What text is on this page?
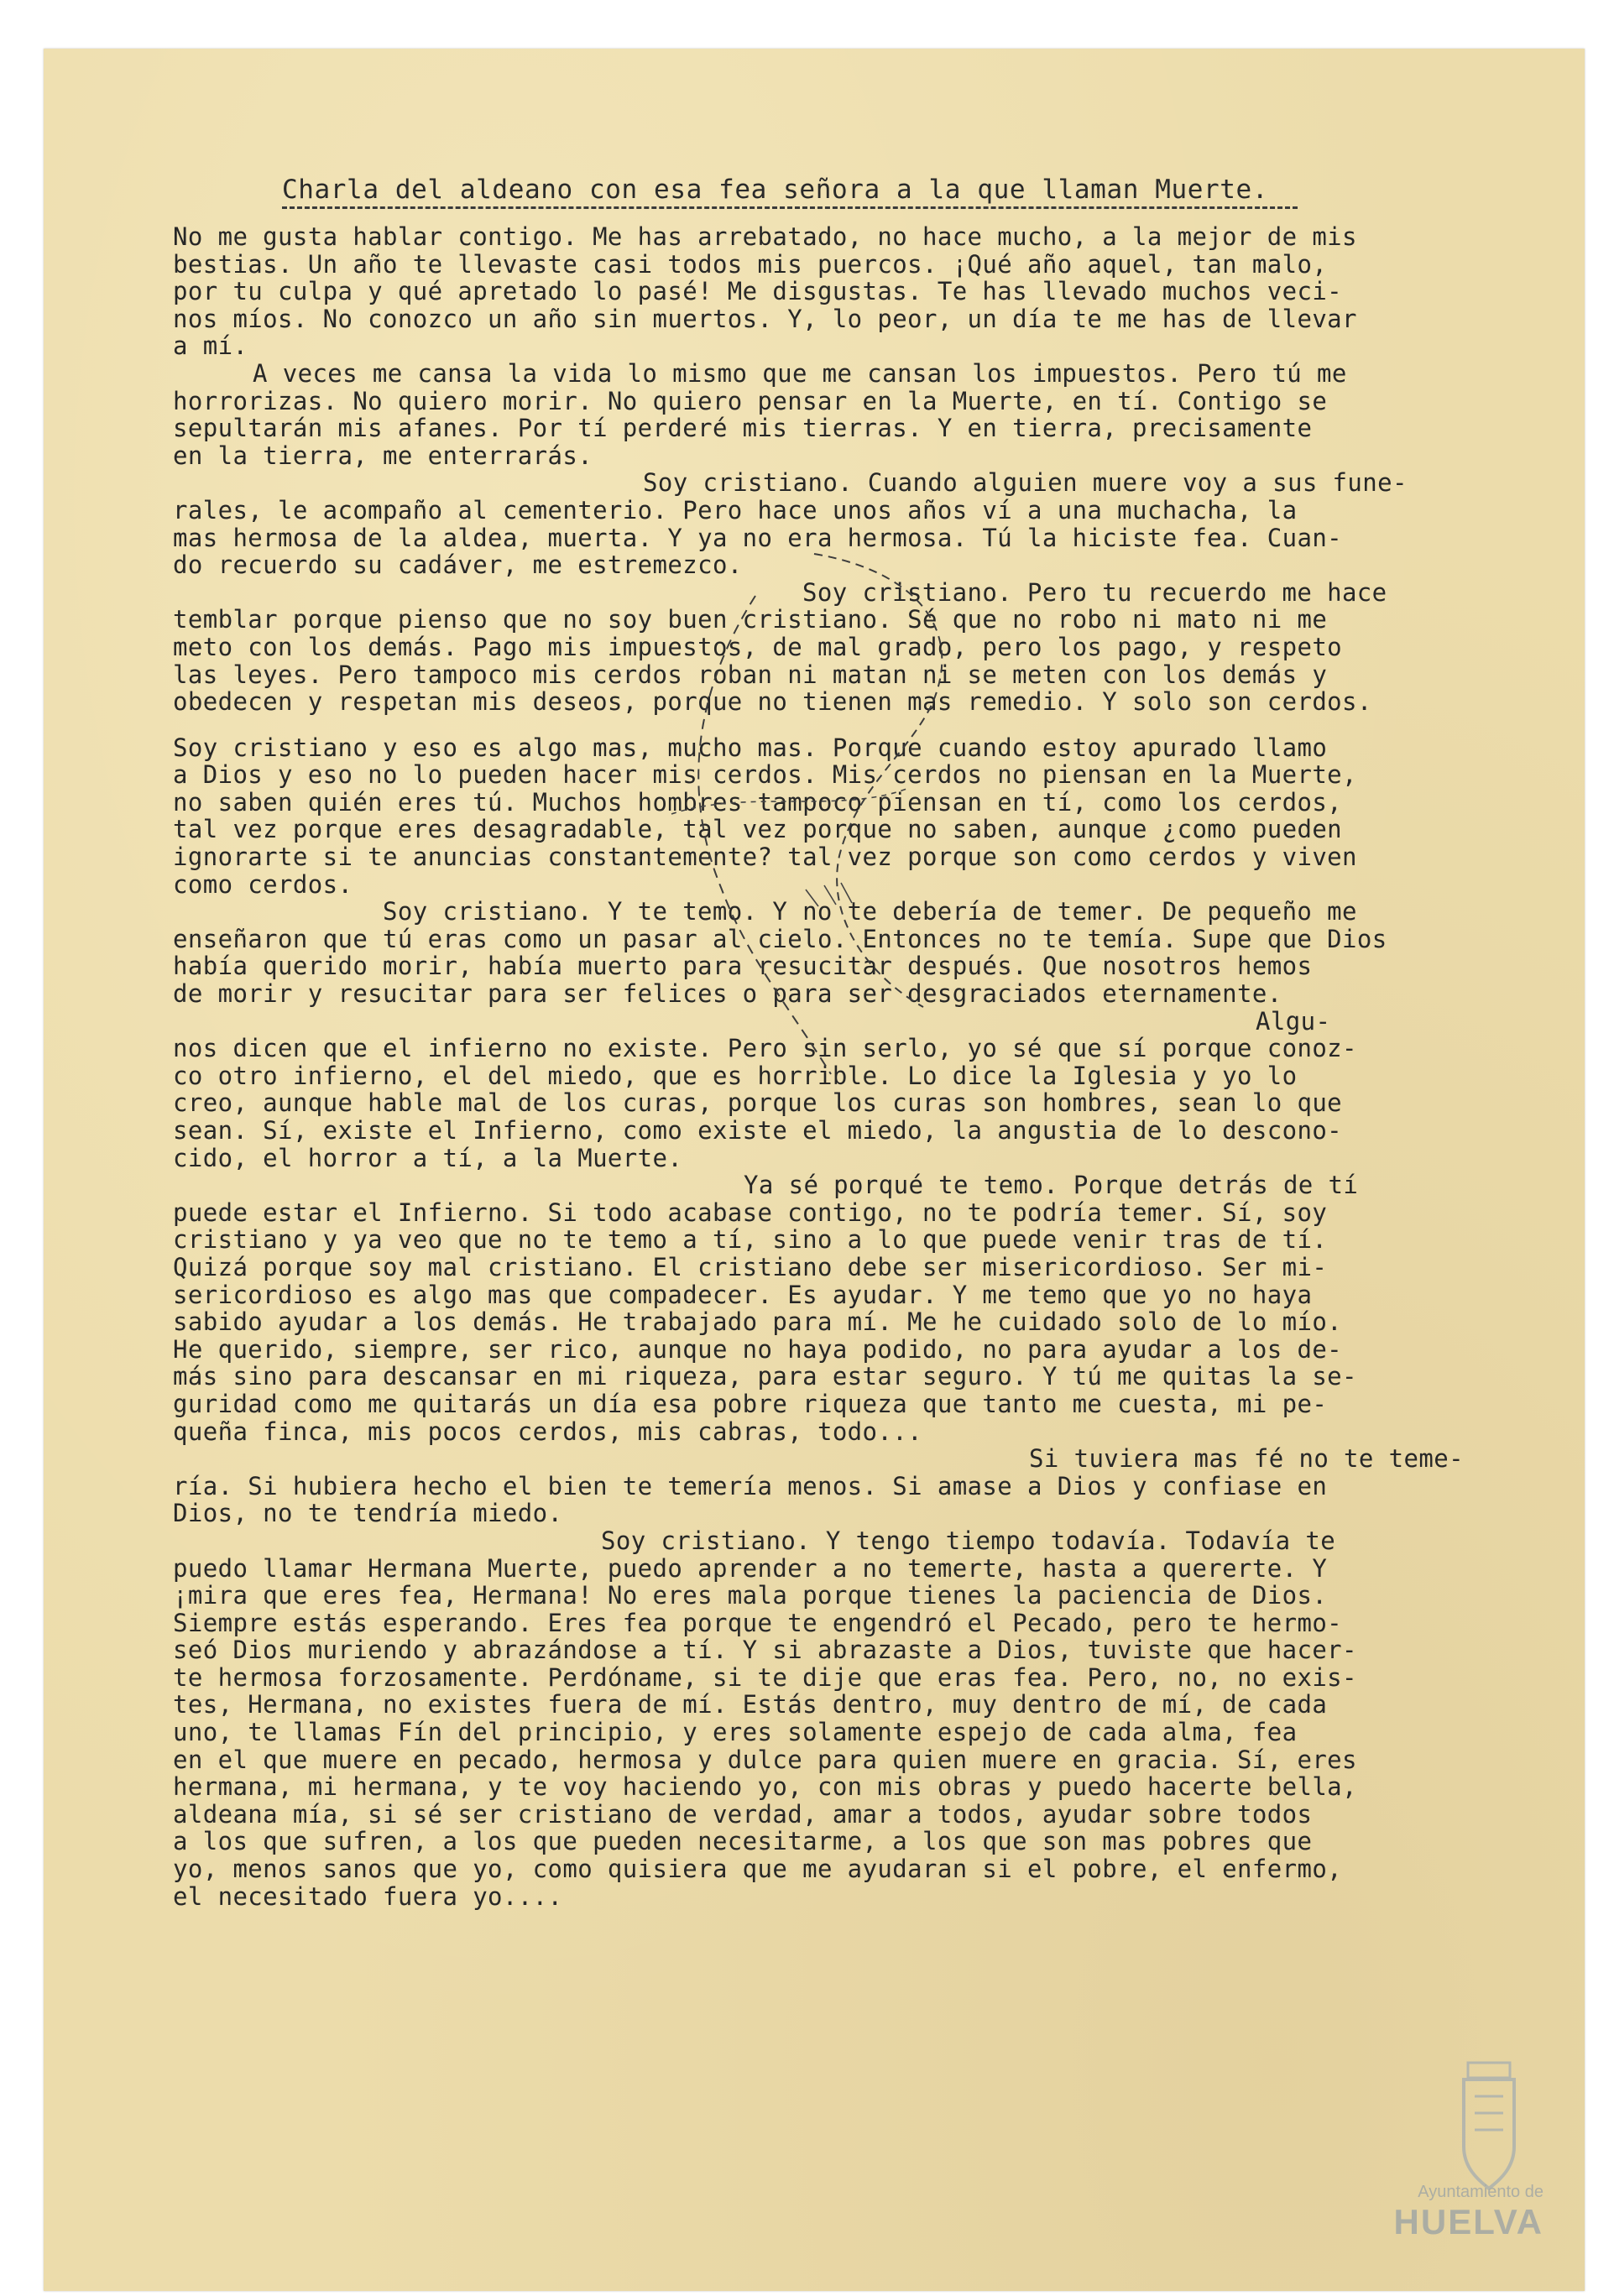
Charla del aldeano con esa fea señora a la que llaman Muerte.
No me gusta hablar contigo. Me has arrebatado, no hace mucho, a la mejor de mis
bestias. Un año te llevaste casi todos mis puercos. ¡Qué año aquel, tan malo,
por tu culpa y qué apretado lo pasé! Me disgustas. Te has llevado muchos veci-
nos míos. No conozco un año sin muertos. Y, lo peor, un día te me has de llevar
a mí.
A veces me cansa la vida lo mismo que me cansan los impuestos. Pero tú me
horrorizas. No quiero morir. No quiero pensar en la Muerte, en tí. Contigo se
sepultarán mis afanes. Por tí perderé mis tierras. Y en tierra, precisamente
en la tierra, me enterrarás.
Soy cristiano. Cuando alguien muere voy a sus fune-
rales, le acompaño al cementerio. Pero hace unos años ví a una muchacha, la
mas hermosa de la aldea, muerta. Y ya no era hermosa. Tú la hiciste fea. Cuan-
do recuerdo su cadáver, me estremezco.
Soy cristiano. Pero tu recuerdo me hace
temblar porque pienso que no soy buen cristiano. Sé que no robo ni mato ni me
meto con los demás. Pago mis impuestos, de mal grado, pero los pago, y respeto
las leyes. Pero tampoco mis cerdos roban ni matan ni se meten con los demás y
obedecen y respetan mis deseos, porque no tienen mas remedio. Y solo son cerdos.
Soy cristiano y eso es algo mas, mucho mas. Porque cuando estoy apurado llamo
a Dios y eso no lo pueden hacer mis cerdos. Mis cerdos no piensan en la Muerte,
no saben quién eres tú. Muchos hombres tampoco piensan en tí, como los cerdos,
tal vez porque eres desagradable, tal vez porque no saben, aunque ¿como pueden
ignorarte si te anuncias constantemente? tal vez porque son como cerdos y viven
como cerdos.
Soy cristiano. Y te temo. Y no te debería de temer. De pequeño me
enseñaron que tú eras como un pasar al cielo. Entonces no te temía. Supe que Dios
había querido morir, había muerto para resucitar después. Que nosotros hemos
de morir y resucitar para ser felices o para ser desgraciados eternamente.
Algu-
nos dicen que el infierno no existe. Pero sin serlo, yo sé que sí porque conoz-
co otro infierno, el del miedo, que es horrible. Lo dice la Iglesia y yo lo
creo, aunque hable mal de los curas, porque los curas son hombres, sean lo que
sean. Sí, existe el Infierno, como existe el miedo, la angustia de lo descono-
cido, el horror a tí, a la Muerte.
Ya sé porqué te temo. Porque detrás de tí
puede estar el Infierno. Si todo acabase contigo, no te podría temer. Sí, soy
cristiano y ya veo que no te temo a tí, sino a lo que puede venir tras de tí.
Quizá porque soy mal cristiano. El cristiano debe ser misericordioso. Ser mi-
sericordioso es algo mas que compadecer. Es ayudar. Y me temo que yo no haya
sabido ayudar a los demás. He trabajado para mí. Me he cuidado solo de lo mío.
He querido, siempre, ser rico, aunque no haya podido, no para ayudar a los de-
más sino para descansar en mi riqueza, para estar seguro. Y tú me quitas la se-
guridad como me quitarás un día esa pobre riqueza que tanto me cuesta, mi pe-
queña finca, mis pocos cerdos, mis cabras, todo...
Si tuviera mas fé no te teme-
ría. Si hubiera hecho el bien te temería menos. Si amase a Dios y confiase en
Dios, no te tendría miedo.
Soy cristiano. Y tengo tiempo todavía. Todavía te
puedo llamar Hermana Muerte, puedo aprender a no temerte, hasta a quererte. Y
¡mira que eres fea, Hermana! No eres mala porque tienes la paciencia de Dios.
Siempre estás esperando. Eres fea porque te engendró el Pecado, pero te hermo-
seó Dios muriendo y abrazándose a tí. Y si abrazaste a Dios, tuviste que hacer-
te hermosa forzosamente. Perdóname, si te dije que eras fea. Pero, no, no exis-
tes, Hermana, no existes fuera de mí. Estás dentro, muy dentro de mí, de cada
uno, te llamas Fín del principio, y eres solamente espejo de cada alma, fea
en el que muere en pecado, hermosa y dulce para quien muere en gracia. Sí, eres
hermana, mi hermana, y te voy haciendo yo, con mis obras y puedo hacerte bella,
aldeana mía, si sé ser cristiano de verdad, amar a todos, ayudar sobre todos
a los que sufren, a los que pueden necesitarme, a los que son mas pobres que
yo, menos sanos que yo, como quisiera que me ayudaran si el pobre, el enfermo,
el necesitado fuera yo....
Ayuntamiento de
HUELVA
